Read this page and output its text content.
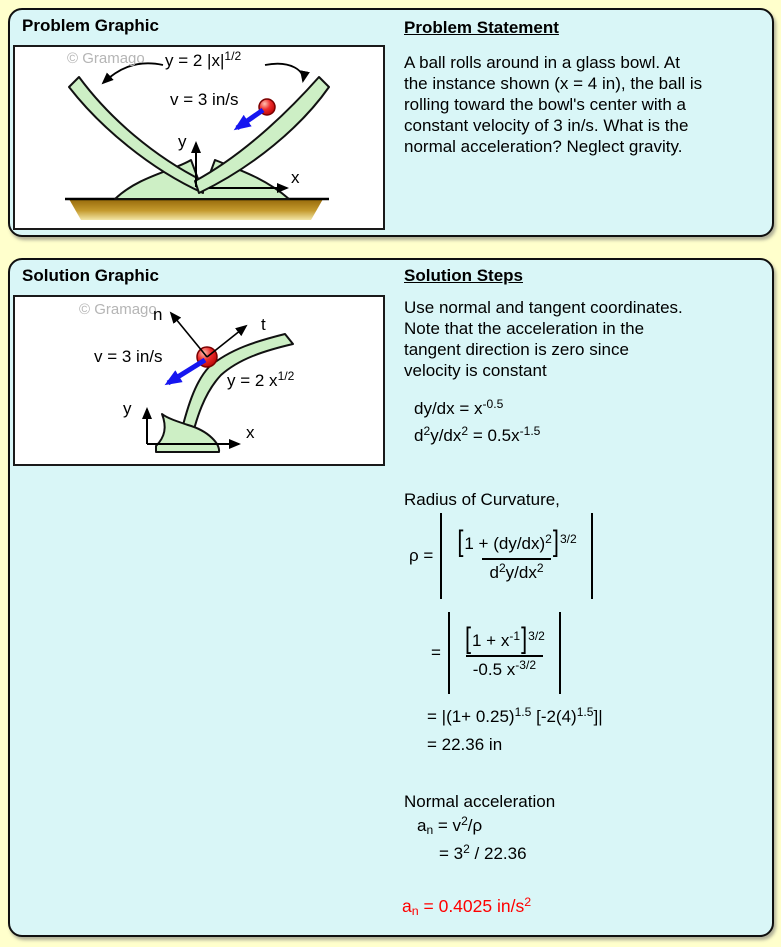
Problem Graphic
© Gramago y = 2 $|x|^{1/2}$
v = 3 in/s
y
x
Problem Statement
A ball rolls around in a glass bowl. At
the instance shown (x = 4 in), the ball is
rolling toward the bowl's center with a
constant velocity of 3 in/s. What is the
normal acceleration? Neglect gravity.
Solution Graphic
© Gramago
n
t
v = 3 in/s
y = 2 $x^{1/2}$
y
x
Solution Steps
Use normal and tangent coordinates.
Note that the acceleration in the
tangent direction is zero since
velocity is constant
$dy/dx = x^{-0.5}$
$d^2y/dx^2 = 0.5x^{-1.5}$
Radius of Curvature,
$\rho = \frac{[1 + (dy/dx)^2]^{3/2}}{d^2y/dx^2}$
= $\frac{[1 + x^{-1}]^{3/2}}{-0.5 x^{-3/2}}$
= $|(1+ 0.25)^{1.5}$ $[-2(4)^{1.5}]|$
= 22.36 in
Normal acceleration
$a_n = v^2/\rho$
= $3^2 / 22.36$
$a_n = 0.4025$ $in/s^2$
